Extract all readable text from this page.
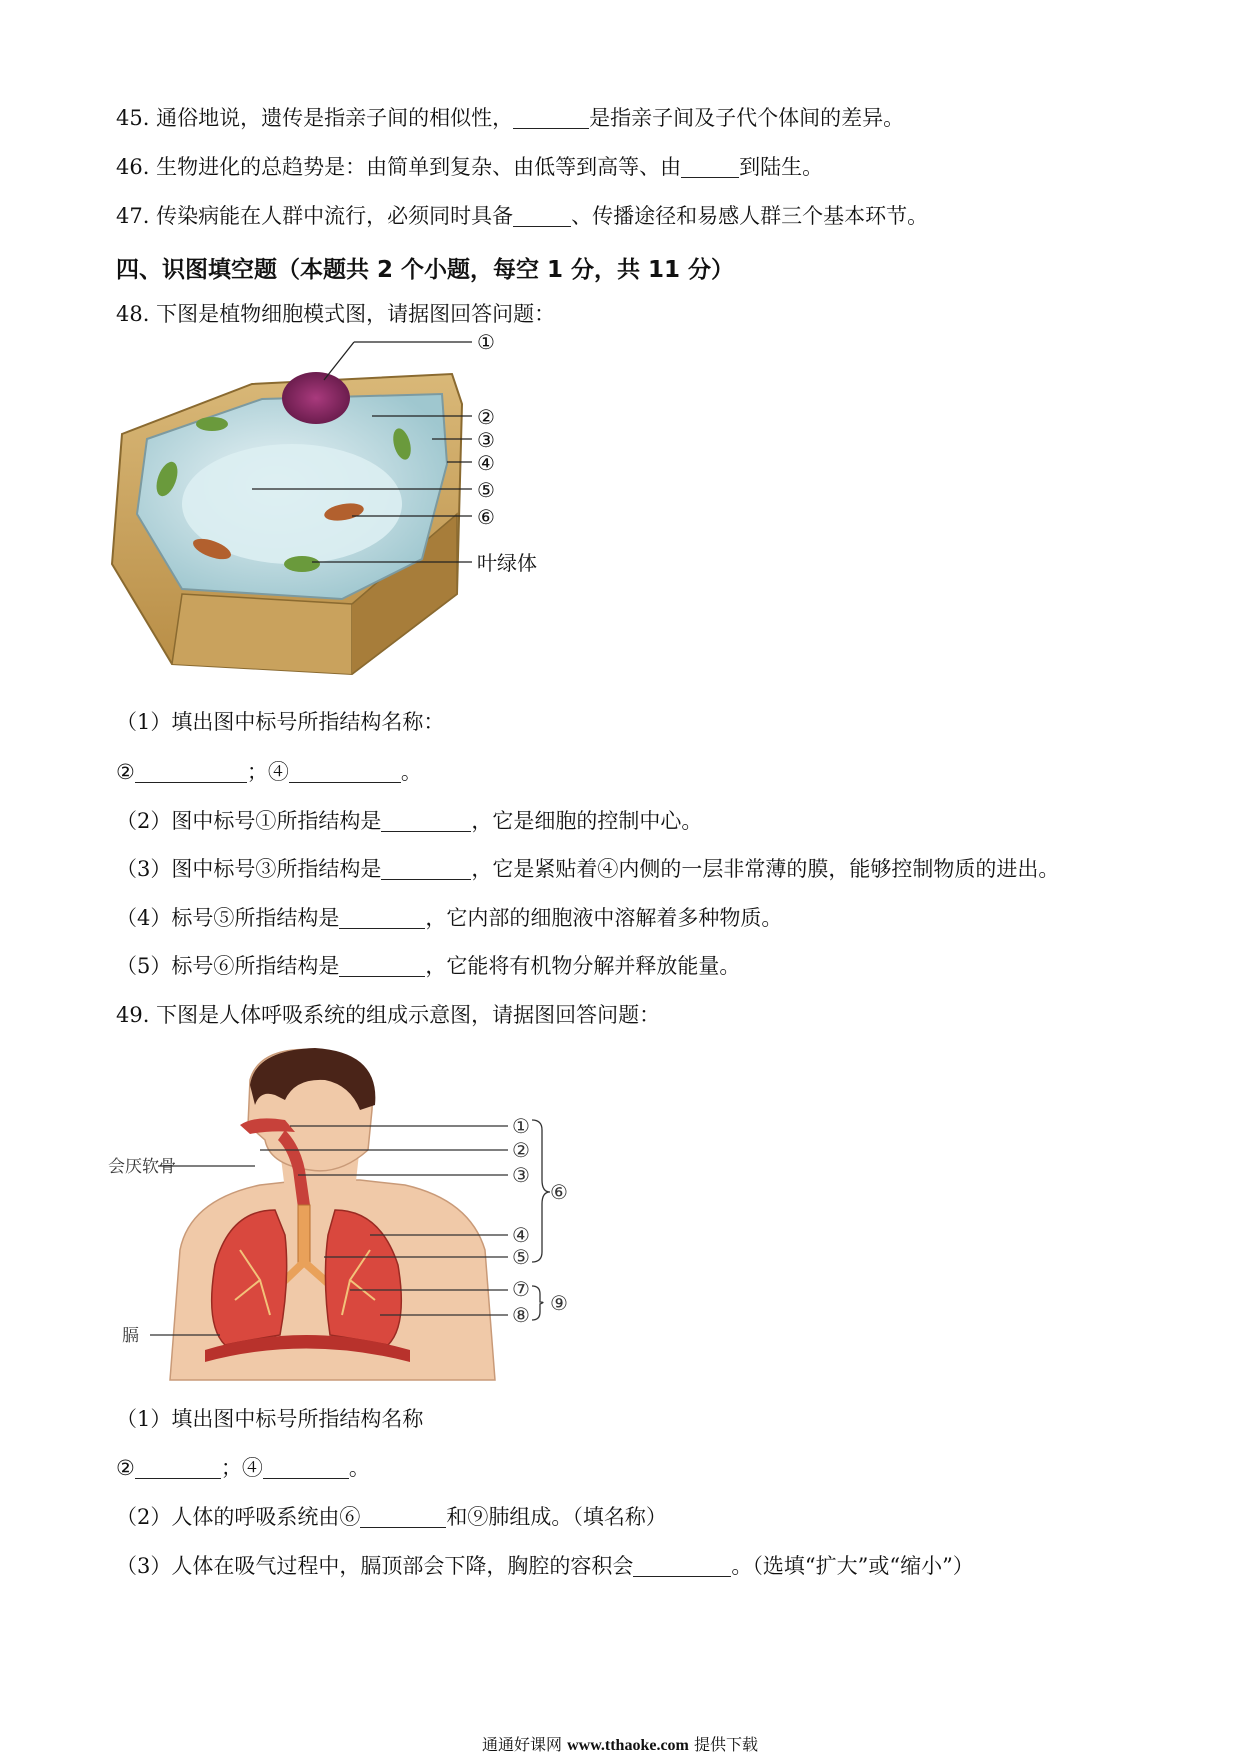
45. 通俗地说，遗传是指亲子间的相似性，	是指亲子间及子代个体间的差异。
46. 生物进化的总趋势是：由简单到复杂、由低等到高等、由	到陆生。
47. 传染病能在人群中流行，必须同时具备	、传播途径和易感人群三个基本环节。
四、识图填空题（本题共 2 个小题，每空 1 分，共 11 分）
48. 下图是植物细胞模式图，请据图回答问题：
①
②
③
④
⑤
⑥
叶绿体
（1）填出图中标号所指结构名称：
②	；④	。
（2）图中标号①所指结构是	，它是细胞的控制中心。
（3）图中标号③所指结构是	，它是紧贴着④内侧的一层非常薄的膜，能够控制物质的进出。
（4）标号⑤所指结构是	，它内部的细胞液中溶解着多种物质。
（5）标号⑥所指结构是	，它能将有机物分解并释放能量。
49. 下图是人体呼吸系统的组成示意图，请据图回答问题：
①
②
③
⑥
④
⑤
⑦
⑧ ⑨
会厌软骨
膈
（1）填出图中标号所指结构名称
②	；④	。
（2）人体的呼吸系统由⑥	和⑨肺组成。（填名称）
（3）人体在吸气过程中，膈顶部会下降，胸腔的容积会	。（选填“扩大”或“缩小”）
通通好课网 www.tthaoke.com 提供下载
